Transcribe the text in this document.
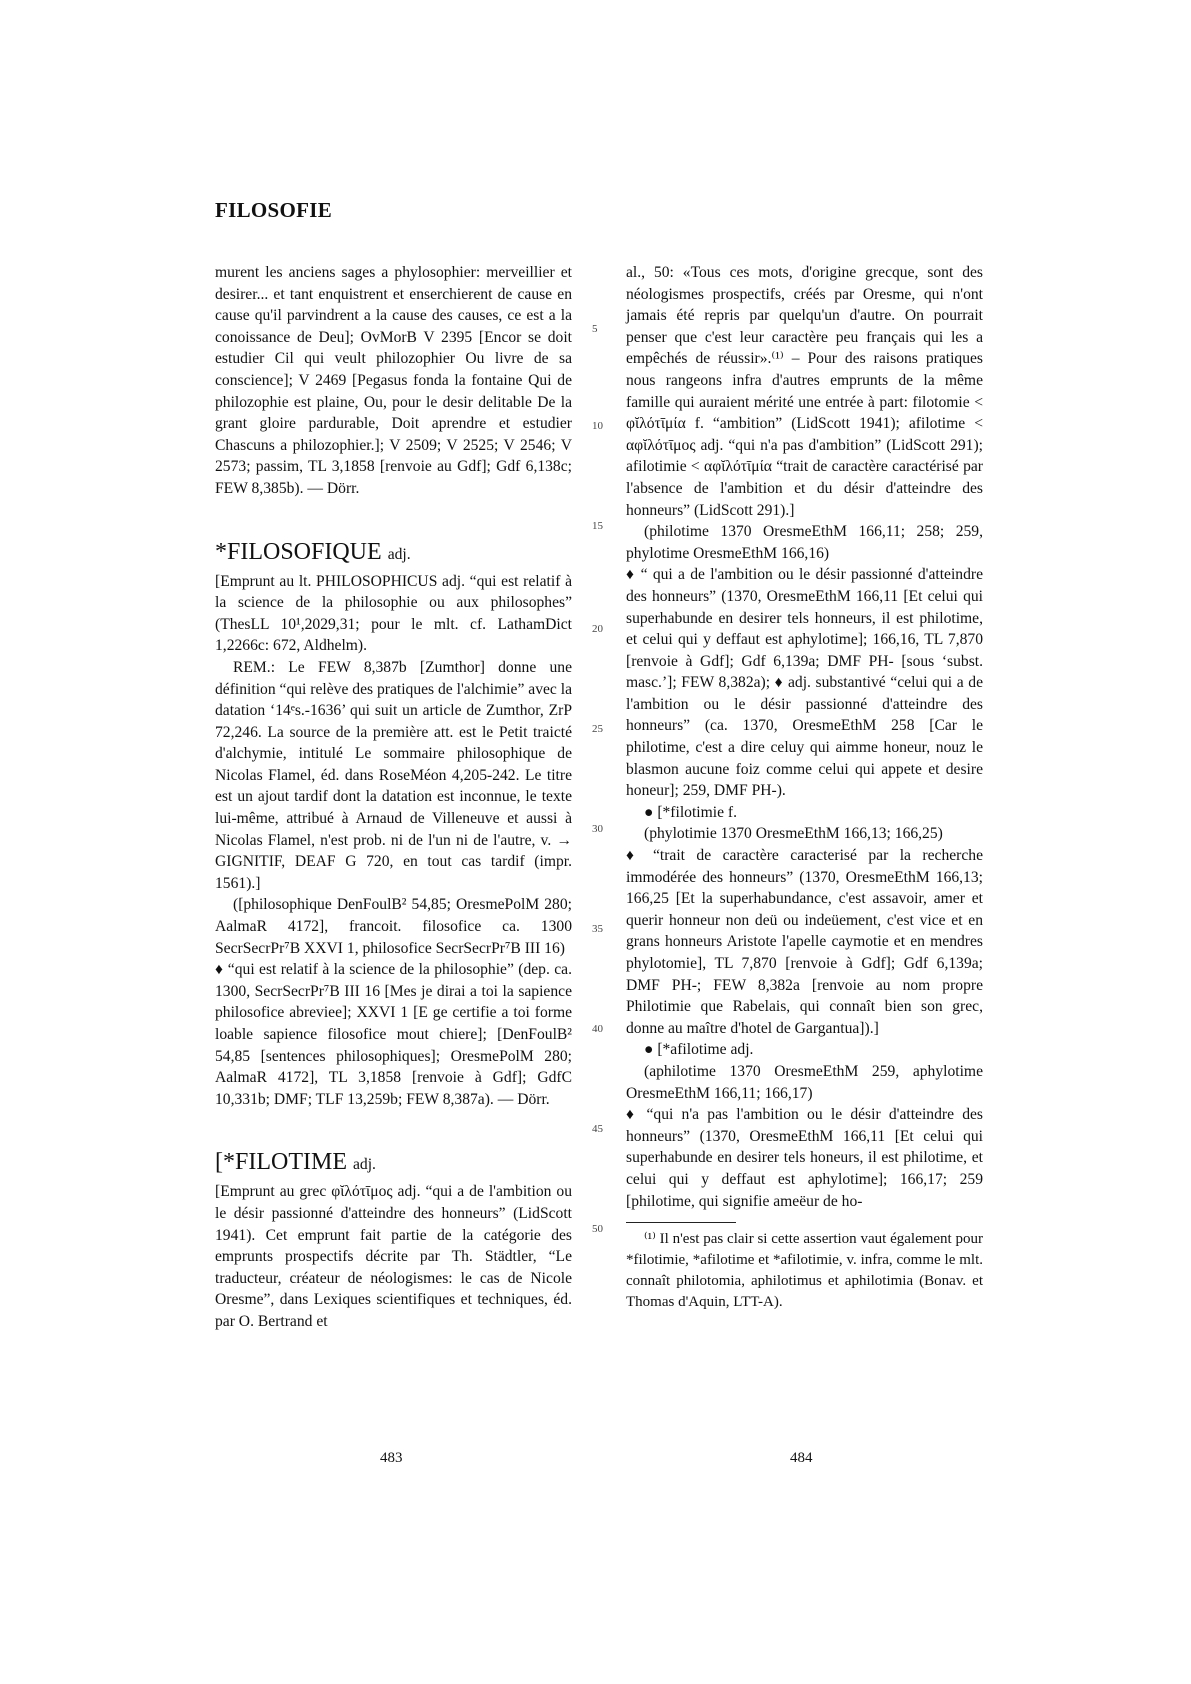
FILOSOFIE
5
10
15
20
25
30
35
40
45
50

murent les anciens sages a phylosophier: merveillier et desirer... et tant enquistrent et enserchierent de cause en cause qu'il parvindrent a la cause des causes, ce est a la conoissance de Deu]; OvMorB V 2395 [Encor se doit estudier Cil qui veult philozophier Ou livre de sa conscience]; V 2469 [Pegasus fonda la fontaine Qui de philozophie est plaine, Ou, pour le desir delitable De la grant gloire pardurable, Doit aprendre et estudier Chascuns a philozophier.]; V 2509; V 2525; V 2546; V 2573; passim, TL 3,1858 [renvoie au Gdf]; Gdf 6,138c; FEW 8,385b). — Dörr.

*FILOSOFIQUE adj.

[Emprunt au lt. PHILOSOPHICUS adj. “qui est relatif à la science de la philosophie ou aux philosophes” (ThesLL 10¹,2029,31; pour le mlt. cf. LathamDict 1,2266c: 672, Aldhelm).

REM.: Le FEW 8,387b [Zumthor] donne une définition “qui relève des pratiques de l'alchimie” avec la datation ‘14ᵉs.-1636’ qui suit un article de Zumthor, ZrP 72,246. La source de la première att. est le Petit traicté d'alchymie, intitulé Le sommaire philosophique de Nicolas Flamel, éd. dans RoseMéon 4,205-242. Le titre est un ajout tardif dont la datation est inconnue, le texte lui-même, attribué à Arnaud de Villeneuve et aussi à Nicolas Flamel, n'est prob. ni de l'un ni de l'autre, v. → GIGNITIF, DEAF G 720, en tout cas tardif (impr. 1561).]

([philosophique DenFoulB² 54,85; OresmePolM 280; AalmaR 4172], francoit. filosofice ca. 1300 SecrSecrPr⁷B XXVI 1, philosofice SecrSecrPr⁷B III 16)

♦ “qui est relatif à la science de la philosophie” (dep. ca. 1300, SecrSecrPr⁷B III 16 [Mes je dirai a toi la sapience philosofice abreviee]; XXVI 1 [E ge certifie a toi forme loable sapience filosofice mout chiere]; [DenFoulB² 54,85 [sentences philosophiques]; OresmePolM 280; AalmaR 4172], TL 3,1858 [renvoie à Gdf]; GdfC 10,331b; DMF; TLF 13,259b; FEW 8,387a). — Dörr.

[*FILOTIME adj.

[Emprunt au grec φῐλότῑμος adj. “qui a de l'ambition ou le désir passionné d'atteindre des honneurs” (LidScott 1941). Cet emprunt fait partie de la catégorie des emprunts prospectifs décrite par Th. Städtler, “Le traducteur, créateur de néologismes: le cas de Nicole Oresme”, dans Lexiques scientifiques et techniques, éd. par O. Bertrand et

al., 50: «Tous ces mots, d'origine grecque, sont des néologismes prospectifs, créés par Oresme, qui n'ont jamais été repris par quelqu'un d'autre. On pourrait penser que c'est leur caractère peu français qui les a empêchés de réussir».⁽¹⁾ – Pour des raisons pratiques nous rangeons infra d'autres emprunts de la même famille qui auraient mérité une entrée à part: filotomie < φῐλότῑμία f. “ambition” (LidScott 1941); afilotime < αφῐλότῑμος adj. “qui n'a pas d'ambition” (LidScott 291); afilotimie < αφῐλότῑμία “trait de caractère caractérisé par l'absence de l'ambition et du désir d'atteindre des honneurs” (LidScott 291).]

(philotime 1370 OresmeEthM 166,11; 258; 259, phylotime OresmeEthM 166,16)

♦ “ qui a de l'ambition ou le désir passionné d'atteindre des honneurs” (1370, OresmeEthM 166,11 [Et celui qui superhabunde en desirer tels honneurs, il est philotime, et celui qui y deffaut est aphylotime]; 166,16, TL 7,870 [renvoie à Gdf]; Gdf 6,139a; DMF PH- [sous ‘subst. masc.’]; FEW 8,382a); ♦ adj. substantivé “celui qui a de l'ambition ou le désir passionné d'atteindre des honneurs” (ca. 1370, OresmeEthM 258 [Car le philotime, c'est a dire celuy qui aimme honeur, nouz le blasmon aucune foiz comme celui qui appete et desire honeur]; 259, DMF PH-).

● [*filotimie f.

(phylotimie 1370 OresmeEthM 166,13; 166,25)

♦ “trait de caractère caracterisé par la recherche immodérée des honneurs” (1370, OresmeEthM 166,13; 166,25 [Et la superhabundance, c'est assavoir, amer et querir honneur non deü ou indeüement, c'est vice et en grans honneurs Aristote l'apelle caymotie et en mendres phylotomie], TL 7,870 [renvoie à Gdf]; Gdf 6,139a; DMF PH-; FEW 8,382a [renvoie au nom propre Philotimie que Rabelais, qui connaît bien son grec, donne au maître d'hotel de Gargantua]).]

● [*afilotime adj.

(aphilotime 1370 OresmeEthM 259, aphylotime OresmeEthM 166,11; 166,17)

♦ “qui n'a pas l'ambition ou le désir d'atteindre des honneurs” (1370, OresmeEthM 166,11 [Et celui qui superhabunde en desirer tels honeurs, il est philotime, et celui qui y deffaut est aphylotime]; 166,17; 259 [philotime, qui signifie ameëur de ho-

⁽¹⁾ Il n'est pas clair si cette assertion vaut également pour *filotimie, *afilotime et *afilotimie, v. infra, comme le mlt. connaît philotomia, aphilotimus et aphilotimia (Bonav. et Thomas d'Aquin, LTT-A).

483	484
